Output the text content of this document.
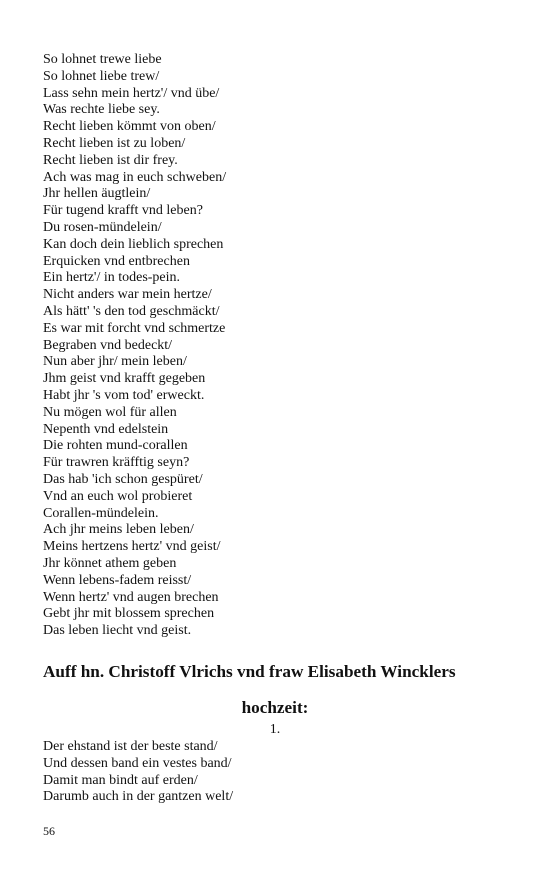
So lohnet trewe liebe
So lohnet liebe trew/
Lass sehn mein hertz'/ vnd übe/
Was rechte liebe sey.
Recht lieben kömmt von oben/
Recht lieben ist zu loben/
Recht lieben ist dir frey.
Ach was mag in euch schweben/
Jhr hellen äugtlein/
Für tugend krafft vnd leben?
Du rosen-mündelein/
Kan doch dein lieblich sprechen
Erquicken vnd entbrechen
Ein hertz'/ in todes-pein.
Nicht anders war mein hertze/
Als hätt' 's den tod geschmäckt/
Es war mit forcht vnd schmertze
Begraben vnd bedeckt/
Nun aber jhr/ mein leben/
Jhm geist vnd krafft gegeben
Habt jhr 's vom tod' erweckt.
Nu mögen wol für allen
Nepenth vnd edelstein
Die rohten mund-corallen
Für trawren kräfftig seyn?
Das hab 'ich schon gespüret/
Vnd an euch wol probieret
Corallen-mündelein.
Ach jhr meins leben leben/
Meins hertzens hertz' vnd geist/
Jhr könnet athem geben
Wenn lebens-fadem reisst/
Wenn hertz' vnd augen brechen
Gebt jhr mit blossem sprechen
Das leben liecht vnd geist.
Auff hn. Christoff Vlrichs vnd fraw Elisabeth Wincklers
hochzeit:
1.
Der ehstand ist der beste stand/
Und dessen band ein vestes band/
Damit man bindt auf erden/
Darumb auch in der gantzen welt/
56
